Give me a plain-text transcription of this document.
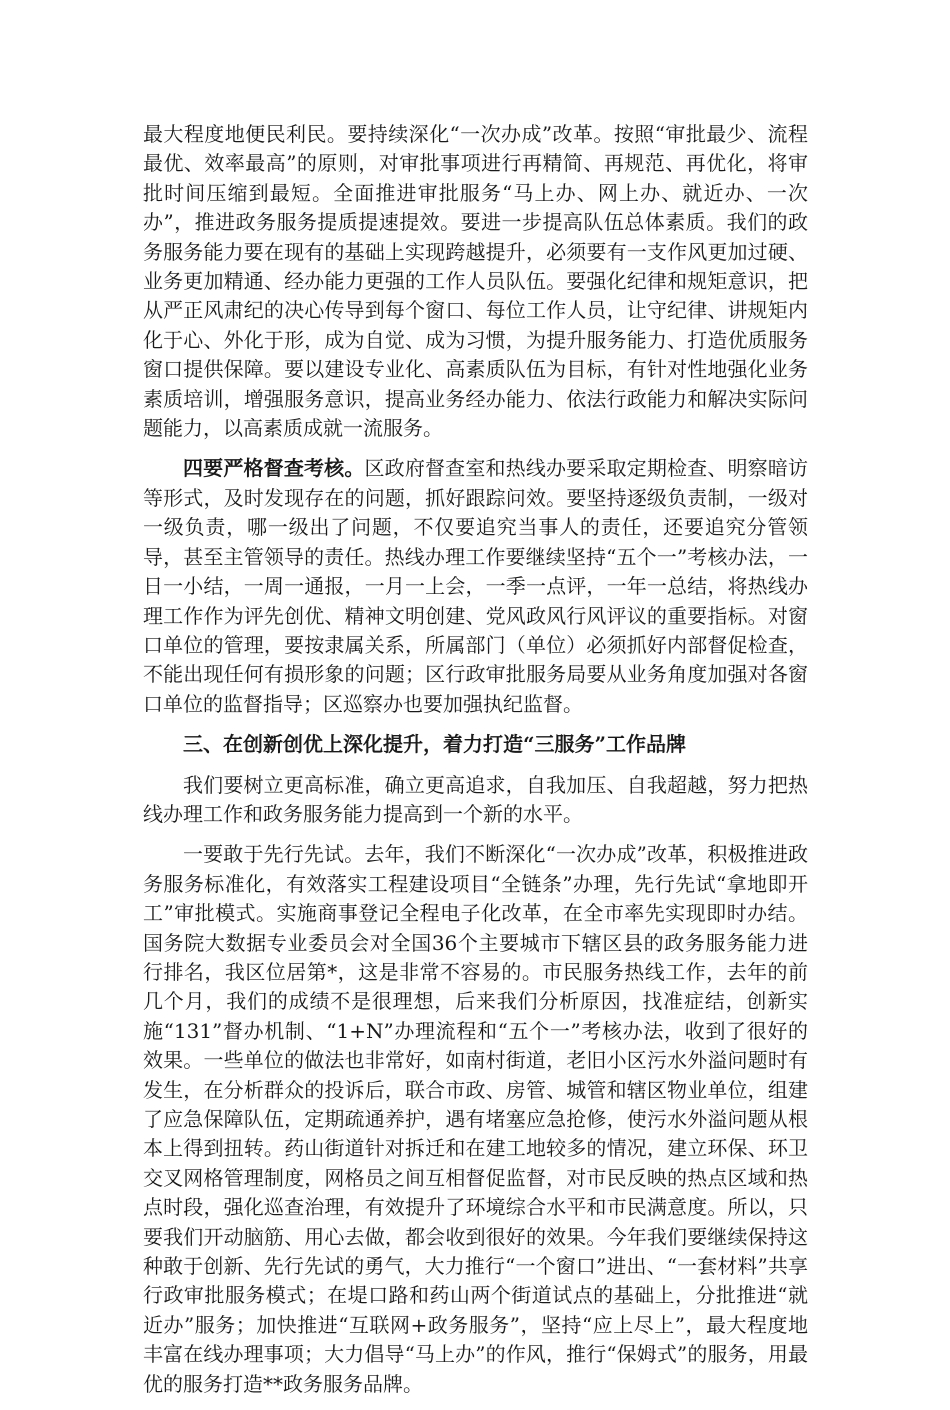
最大程度地便民利民。要持续深化“一次办成”改革。按照“审批最少、流程最优、效率最高”的原则，对审批事项进行再精简、再规范、再优化，将审批时间压缩到最短。全面推进审批服务“马上办、网上办、就近办、一次办”，推进政务服务提质提速提效。要进一步提高队伍总体素质。我们的政务服务能力要在现有的基础上实现跨越提升，必须要有一支作风更加过硬、业务更加精通、经办能力更强的工作人员队伍。要强化纪律和规矩意识，把从严正风肃纪的决心传导到每个窗口、每位工作人员，让守纪律、讲规矩内化于心、外化于形，成为自觉、成为习惯，为提升服务能力、打造优质服务窗口提供保障。要以建设专业化、高素质队伍为目标，有针对性地强化业务素质培训，增强服务意识，提高业务经办能力、依法行政能力和解决实际问题能力，以高素质成就一流服务。

四要严格督查考核。区政府督查室和热线办要采取定期检查、明察暗访等形式，及时发现存在的问题，抓好跟踪问效。要坚持逐级负责制，一级对一级负责，哪一级出了问题，不仅要追究当事人的责任，还要追究分管领导，甚至主管领导的责任。热线办理工作要继续坚持“五个一”考核办法，一日一小结，一周一通报，一月一上会，一季一点评，一年一总结，将热线办理工作作为评先创优、精神文明创建、党风政风行风评议的重要指标。对窗口单位的管理，要按隶属关系，所属部门（单位）必须抓好内部督促检查，不能出现任何有损形象的问题；区行政审批服务局要从业务角度加强对各窗口单位的监督指导；区巡察办也要加强执纪监督。

三、在创新创优上深化提升，着力打造“三服务”工作品牌

我们要树立更高标准，确立更高追求，自我加压、自我超越，努力把热线办理工作和政务服务能力提高到一个新的水平。

一要敢于先行先试。去年，我们不断深化“一次办成”改革，积极推进政务服务标准化，有效落实工程建设项目“全链条”办理，先行先试“拿地即开工”审批模式。实施商事登记全程电子化改革，在全市率先实现即时办结。国务院大数据专业委员会对全国36个主要城市下辖区县的政务服务能力进行排名，我区位居第*，这是非常不容易的。市民服务热线工作，去年的前几个月，我们的成绩不是很理想，后来我们分析原因，找准症结，创新实施“131”督办机制、“1+N”办理流程和“五个一”考核办法，收到了很好的效果。一些单位的做法也非常好，如南村街道，老旧小区污水外溢问题时有发生，在分析群众的投诉后，联合市政、房管、城管和辖区物业单位，组建了应急保障队伍，定期疏通养护，遇有堵塞应急抢修，使污水外溢问题从根本上得到扭转。药山街道针对拆迁和在建工地较多的情况，建立环保、环卫交叉网格管理制度，网格员之间互相督促监督，对市民反映的热点区域和热点时段，强化巡查治理，有效提升了环境综合水平和市民满意度。所以，只要我们开动脑筋、用心去做，都会收到很好的效果。今年我们要继续保持这种敢于创新、先行先试的勇气，大力推行“一个窗口”进出、“一套材料”共享行政审批服务模式；在堤口路和药山两个街道试点的基础上，分批推进“就近办”服务；加快推进“互联网+政务服务”，坚持“应上尽上”，最大程度地丰富在线办理事项；大力倡导“马上办”的作风，推行“保姆式”的服务，用最优的服务打造**政务服务品牌。
